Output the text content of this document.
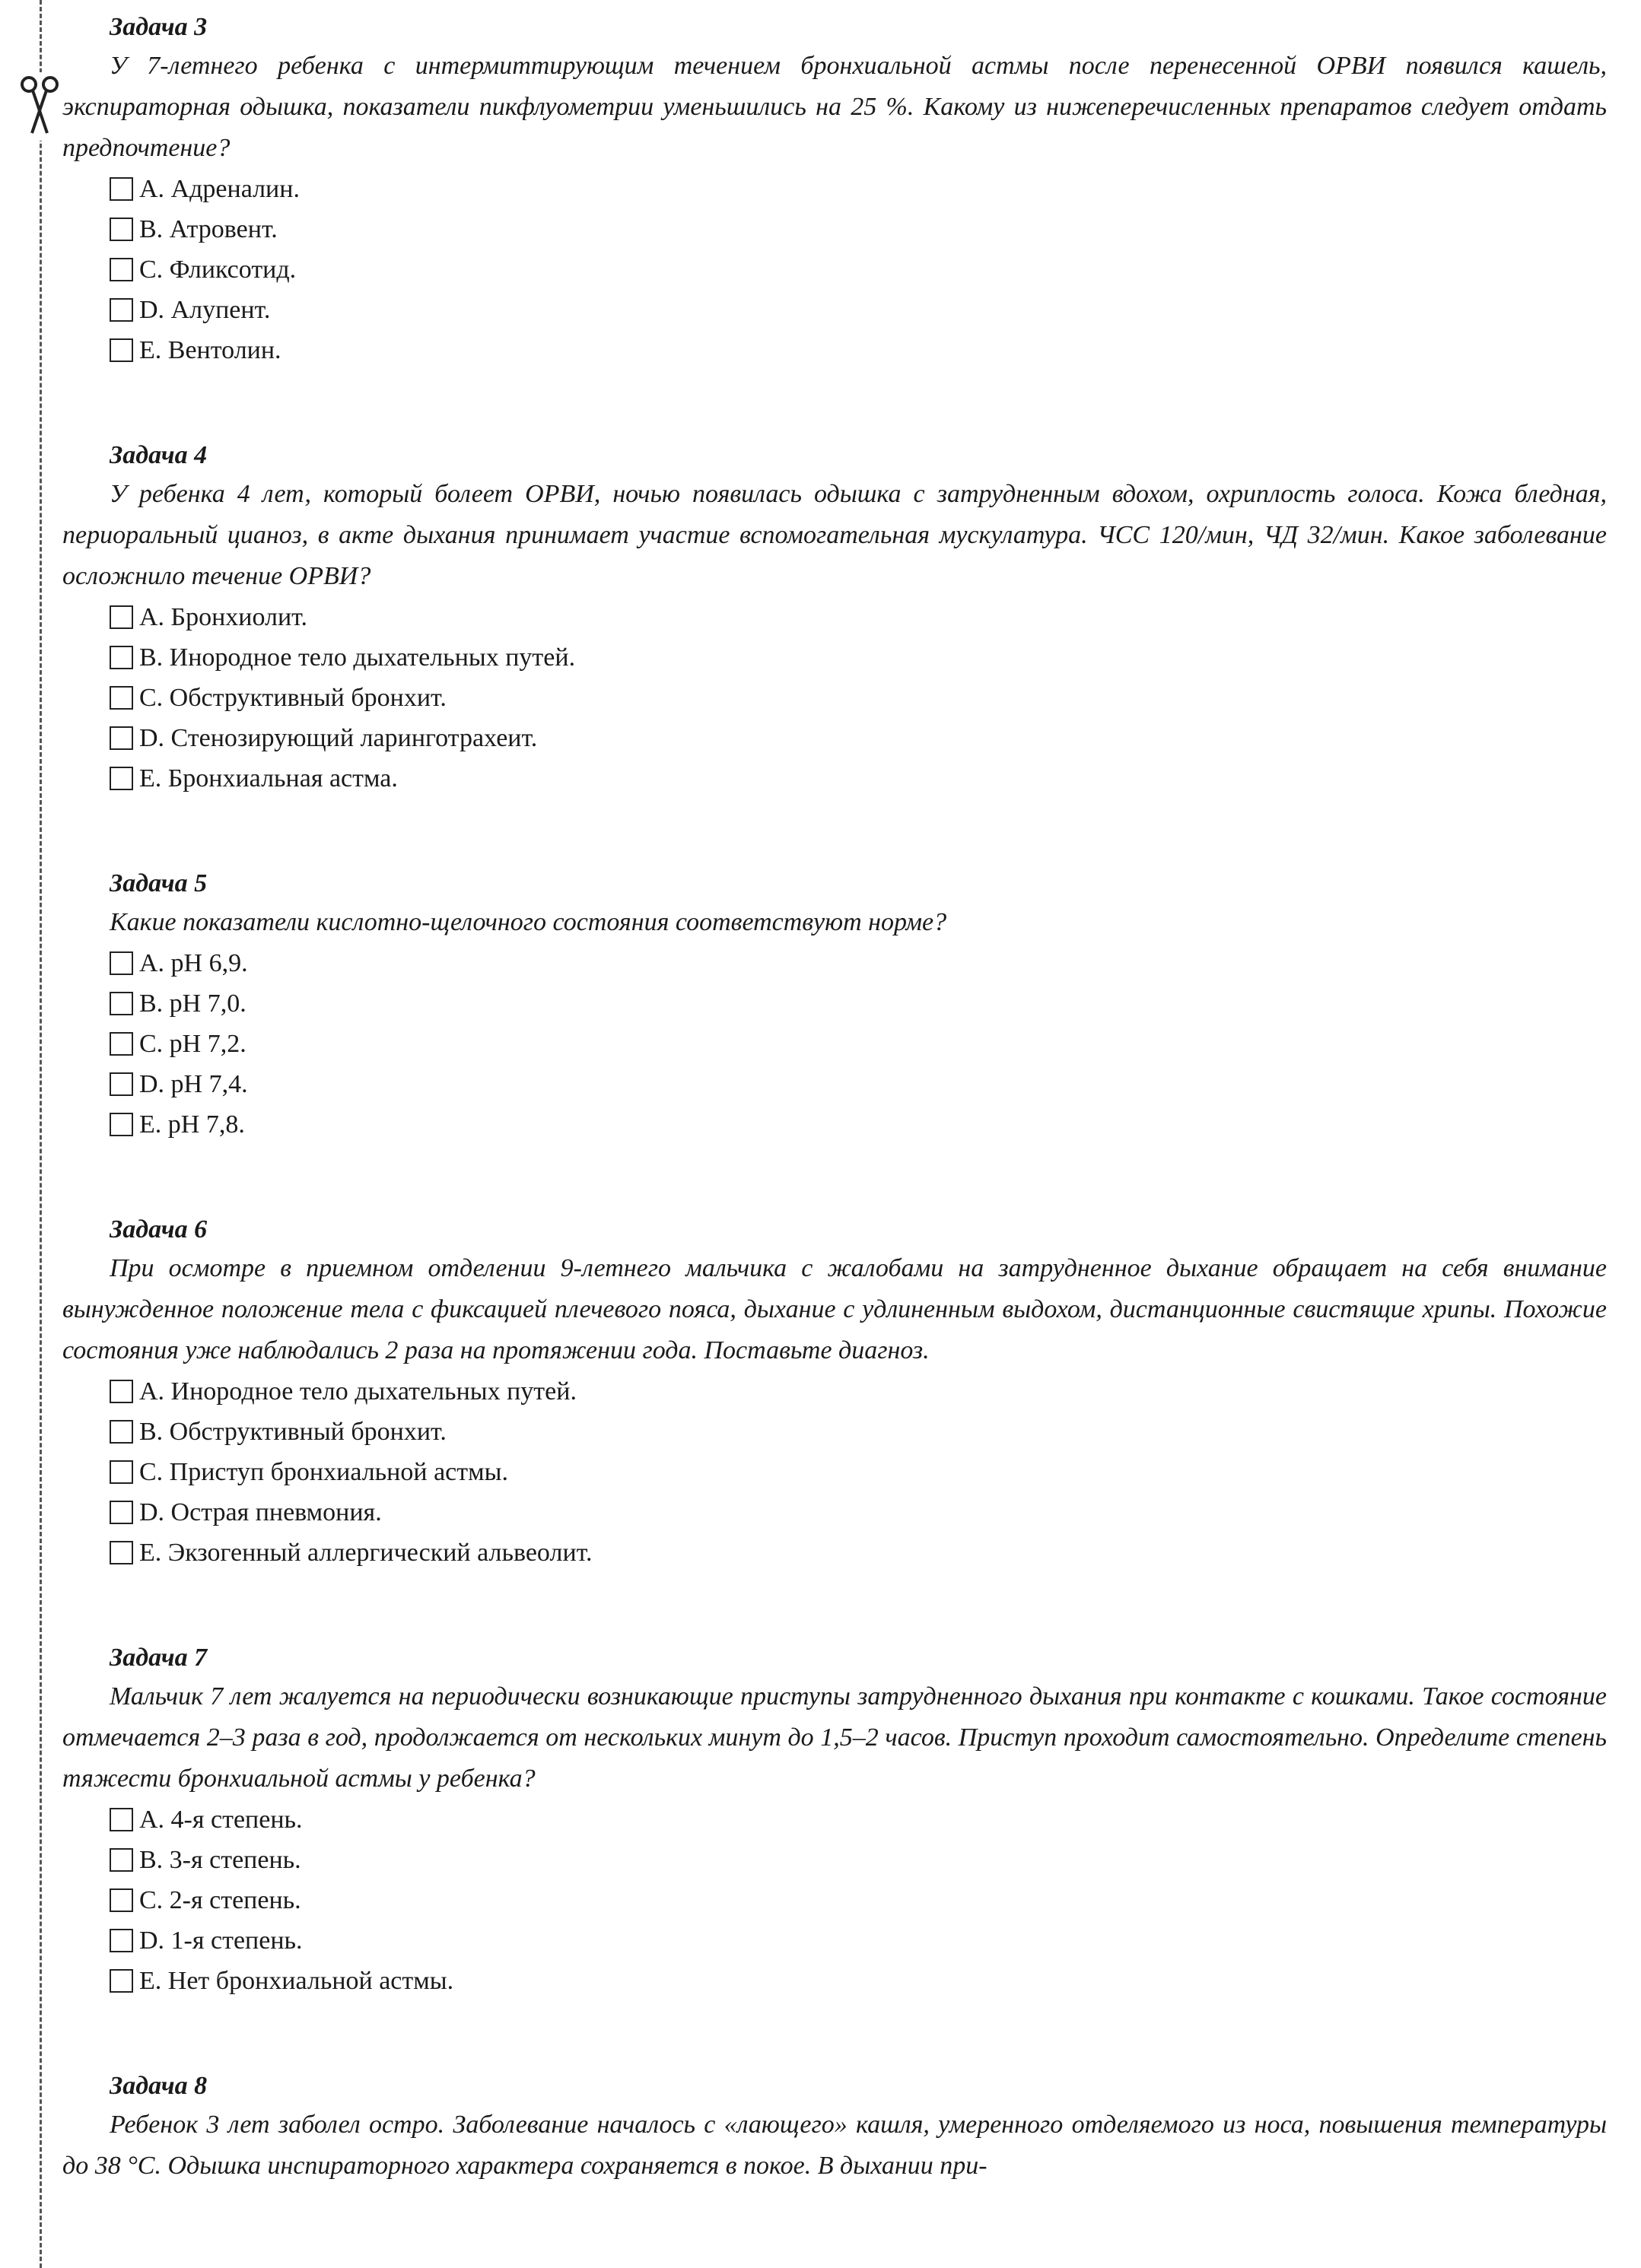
Задача 3

У 7-летнего ребенка с интермиттирующим течением бронхиальной астмы после перенесенной ОРВИ появился кашель, экспираторная одышка, показатели пикфлуометрии уменьшились на 25 %. Какому из нижеперечисленных препаратов следует отдать предпочтение?

A. Адреналин.
B. Атровент.
C. Фликсотид.
D. Алупент.
E. Вентолин.
Задача 4

У ребенка 4 лет, который болеет ОРВИ, ночью появилась одышка с затрудненным вдохом, охриплость голоса. Кожа бледная, периоральный цианоз, в акте дыхания принимает участие вспомогательная мускулатура. ЧСС 120/мин, ЧД 32/мин. Какое заболевание осложнило течение ОРВИ?

A. Бронхиолит.
B. Инородное тело дыхательных путей.
C. Обструктивный бронхит.
D. Стенозирующий ларинготрахеит.
E. Бронхиальная астма.
Задача 5

Какие показатели кислотно-щелочного состояния соответствуют норме?

A. pH 6,9.
B. pH 7,0.
C. pH 7,2.
D. pH 7,4.
E. pH 7,8.
Задача 6

При осмотре в приемном отделении 9-летнего мальчика с жалобами на затрудненное дыхание обращает на себя внимание вынужденное положение тела с фиксацией плечевого пояса, дыхание с удлиненным выдохом, дистанционные свистящие хрипы. Похожие состояния уже наблюдались 2 раза на протяжении года. Поставьте диагноз.

A. Инородное тело дыхательных путей.
B. Обструктивный бронхит.
C. Приступ бронхиальной астмы.
D. Острая пневмония.
E. Экзогенный аллергический альвеолит.
Задача 7

Мальчик 7 лет жалуется на периодически возникающие приступы затрудненного дыхания при контакте с кошками. Такое состояние отмечается 2–3 раза в год, продолжается от нескольких минут до 1,5–2 часов. Приступ проходит самостоятельно. Определите степень тяжести бронхиальной астмы у ребенка?

A. 4-я степень.
B. 3-я степень.
C. 2-я степень.
D. 1-я степень.
E. Нет бронхиальной астмы.
Задача 8

Ребенок 3 лет заболел остро. Заболевание началось с «лающего» кашля, умеренного отделяемого из носа, повышения температуры до 38 °C. Одышка инспираторного характера сохраняется в покое. В дыхании при-
